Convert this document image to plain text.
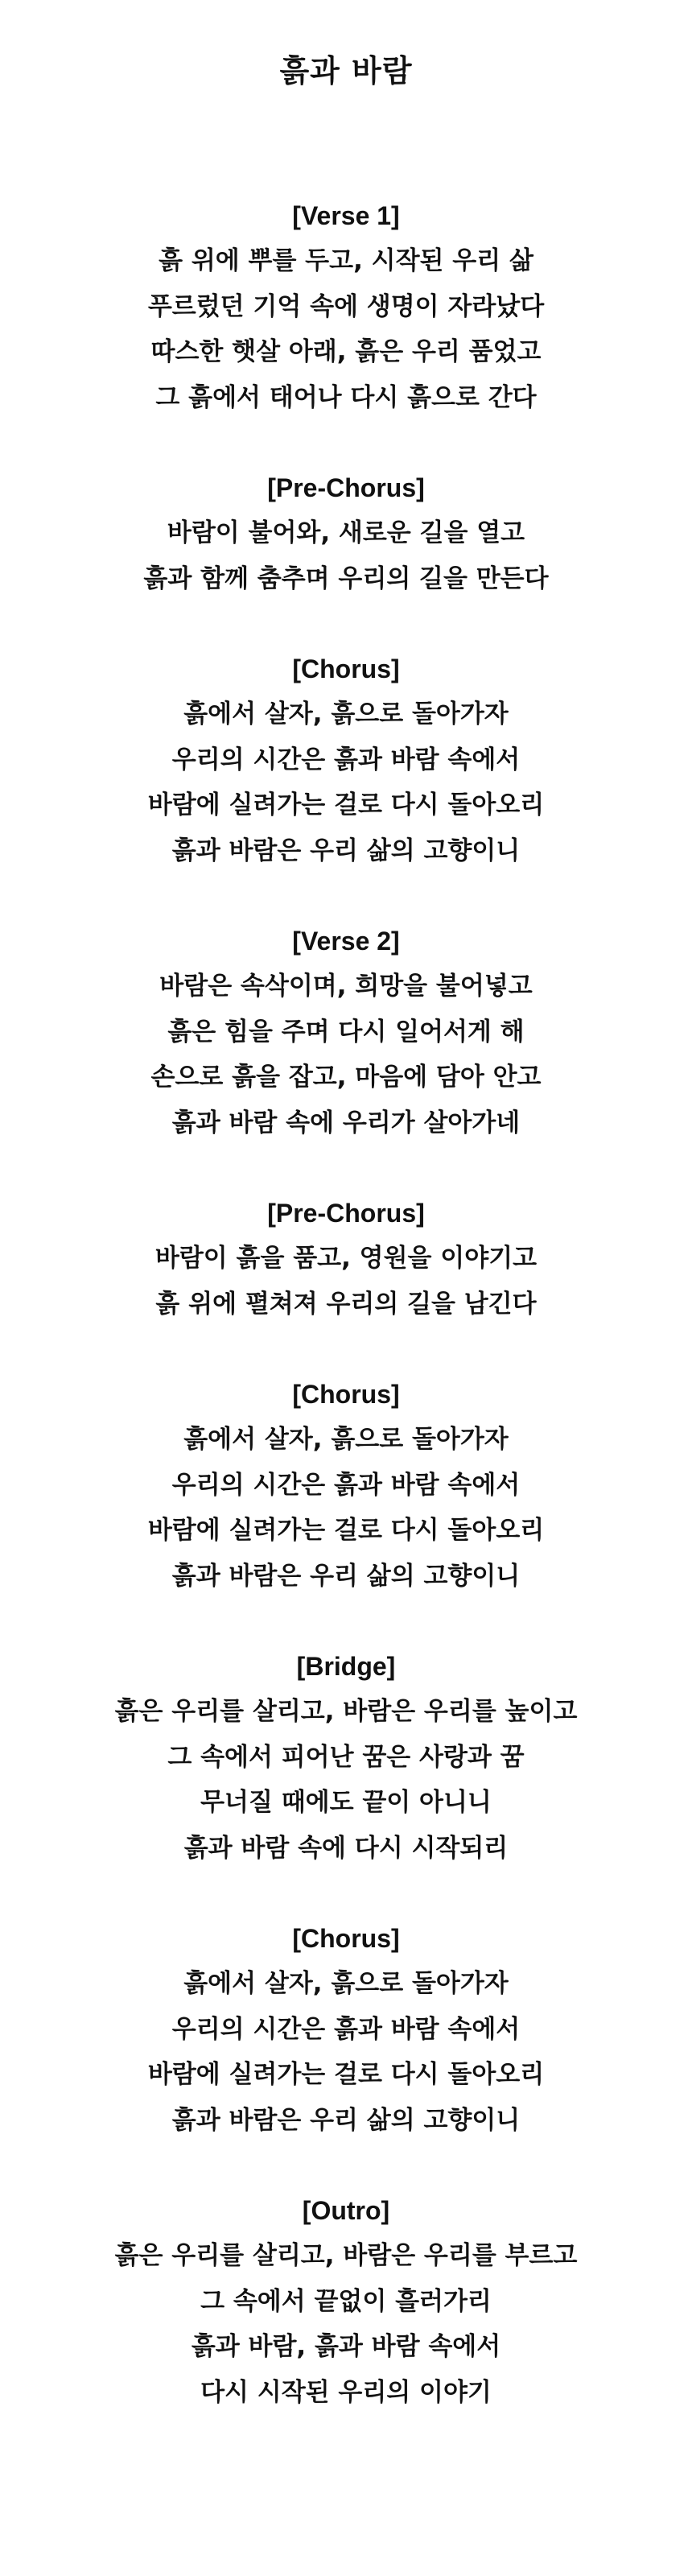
흙과 바람
[Verse 1]
흙 위에 뿌를 두고, 시작된 우리 삶
푸르렀던 기억 속에 생명이 자라났다
따스한 햇살 아래, 흙은 우리 품었고
그 흙에서 태어나 다시 흙으로 간다
[Pre-Chorus]
바람이 불어와, 새로운 길을 열고
흙과 함께 춤추며 우리의 길을 만든다
[Chorus]
흙에서 살자, 흙으로 돌아가자
우리의 시간은 흙과 바람 속에서
바람에 실려가는 걸로 다시 돌아오리
흙과 바람은 우리 삶의 고향이니
[Verse 2]
바람은 속삭이며, 희망을 불어넣고
흙은 힘을 주며 다시 일어서게 해
손으로 흙을 잡고, 마음에 담아 안고
흙과 바람 속에 우리가 살아가네
[Pre-Chorus]
바람이 흙을 품고, 영원을 이야기고
흙 위에 펼쳐져 우리의 길을 남긴다
[Chorus]
흙에서 살자, 흙으로 돌아가자
우리의 시간은 흙과 바람 속에서
바람에 실려가는 걸로 다시 돌아오리
흙과 바람은 우리 삶의 고향이니
[Bridge]
흙은 우리를 살리고, 바람은 우리를 높이고
그 속에서 피어난 꿈은 사랑과 꿈
무너질 때에도 끝이 아니니
흙과 바람 속에 다시 시작되리
[Chorus]
흙에서 살자, 흙으로 돌아가자
우리의 시간은 흙과 바람 속에서
바람에 실려가는 걸로 다시 돌아오리
흙과 바람은 우리 삶의 고향이니
[Outro]
흙은 우리를 살리고, 바람은 우리를 부르고
그 속에서 끝없이 흘러가리
흙과 바람, 흙과 바람 속에서
다시 시작된 우리의 이야기
